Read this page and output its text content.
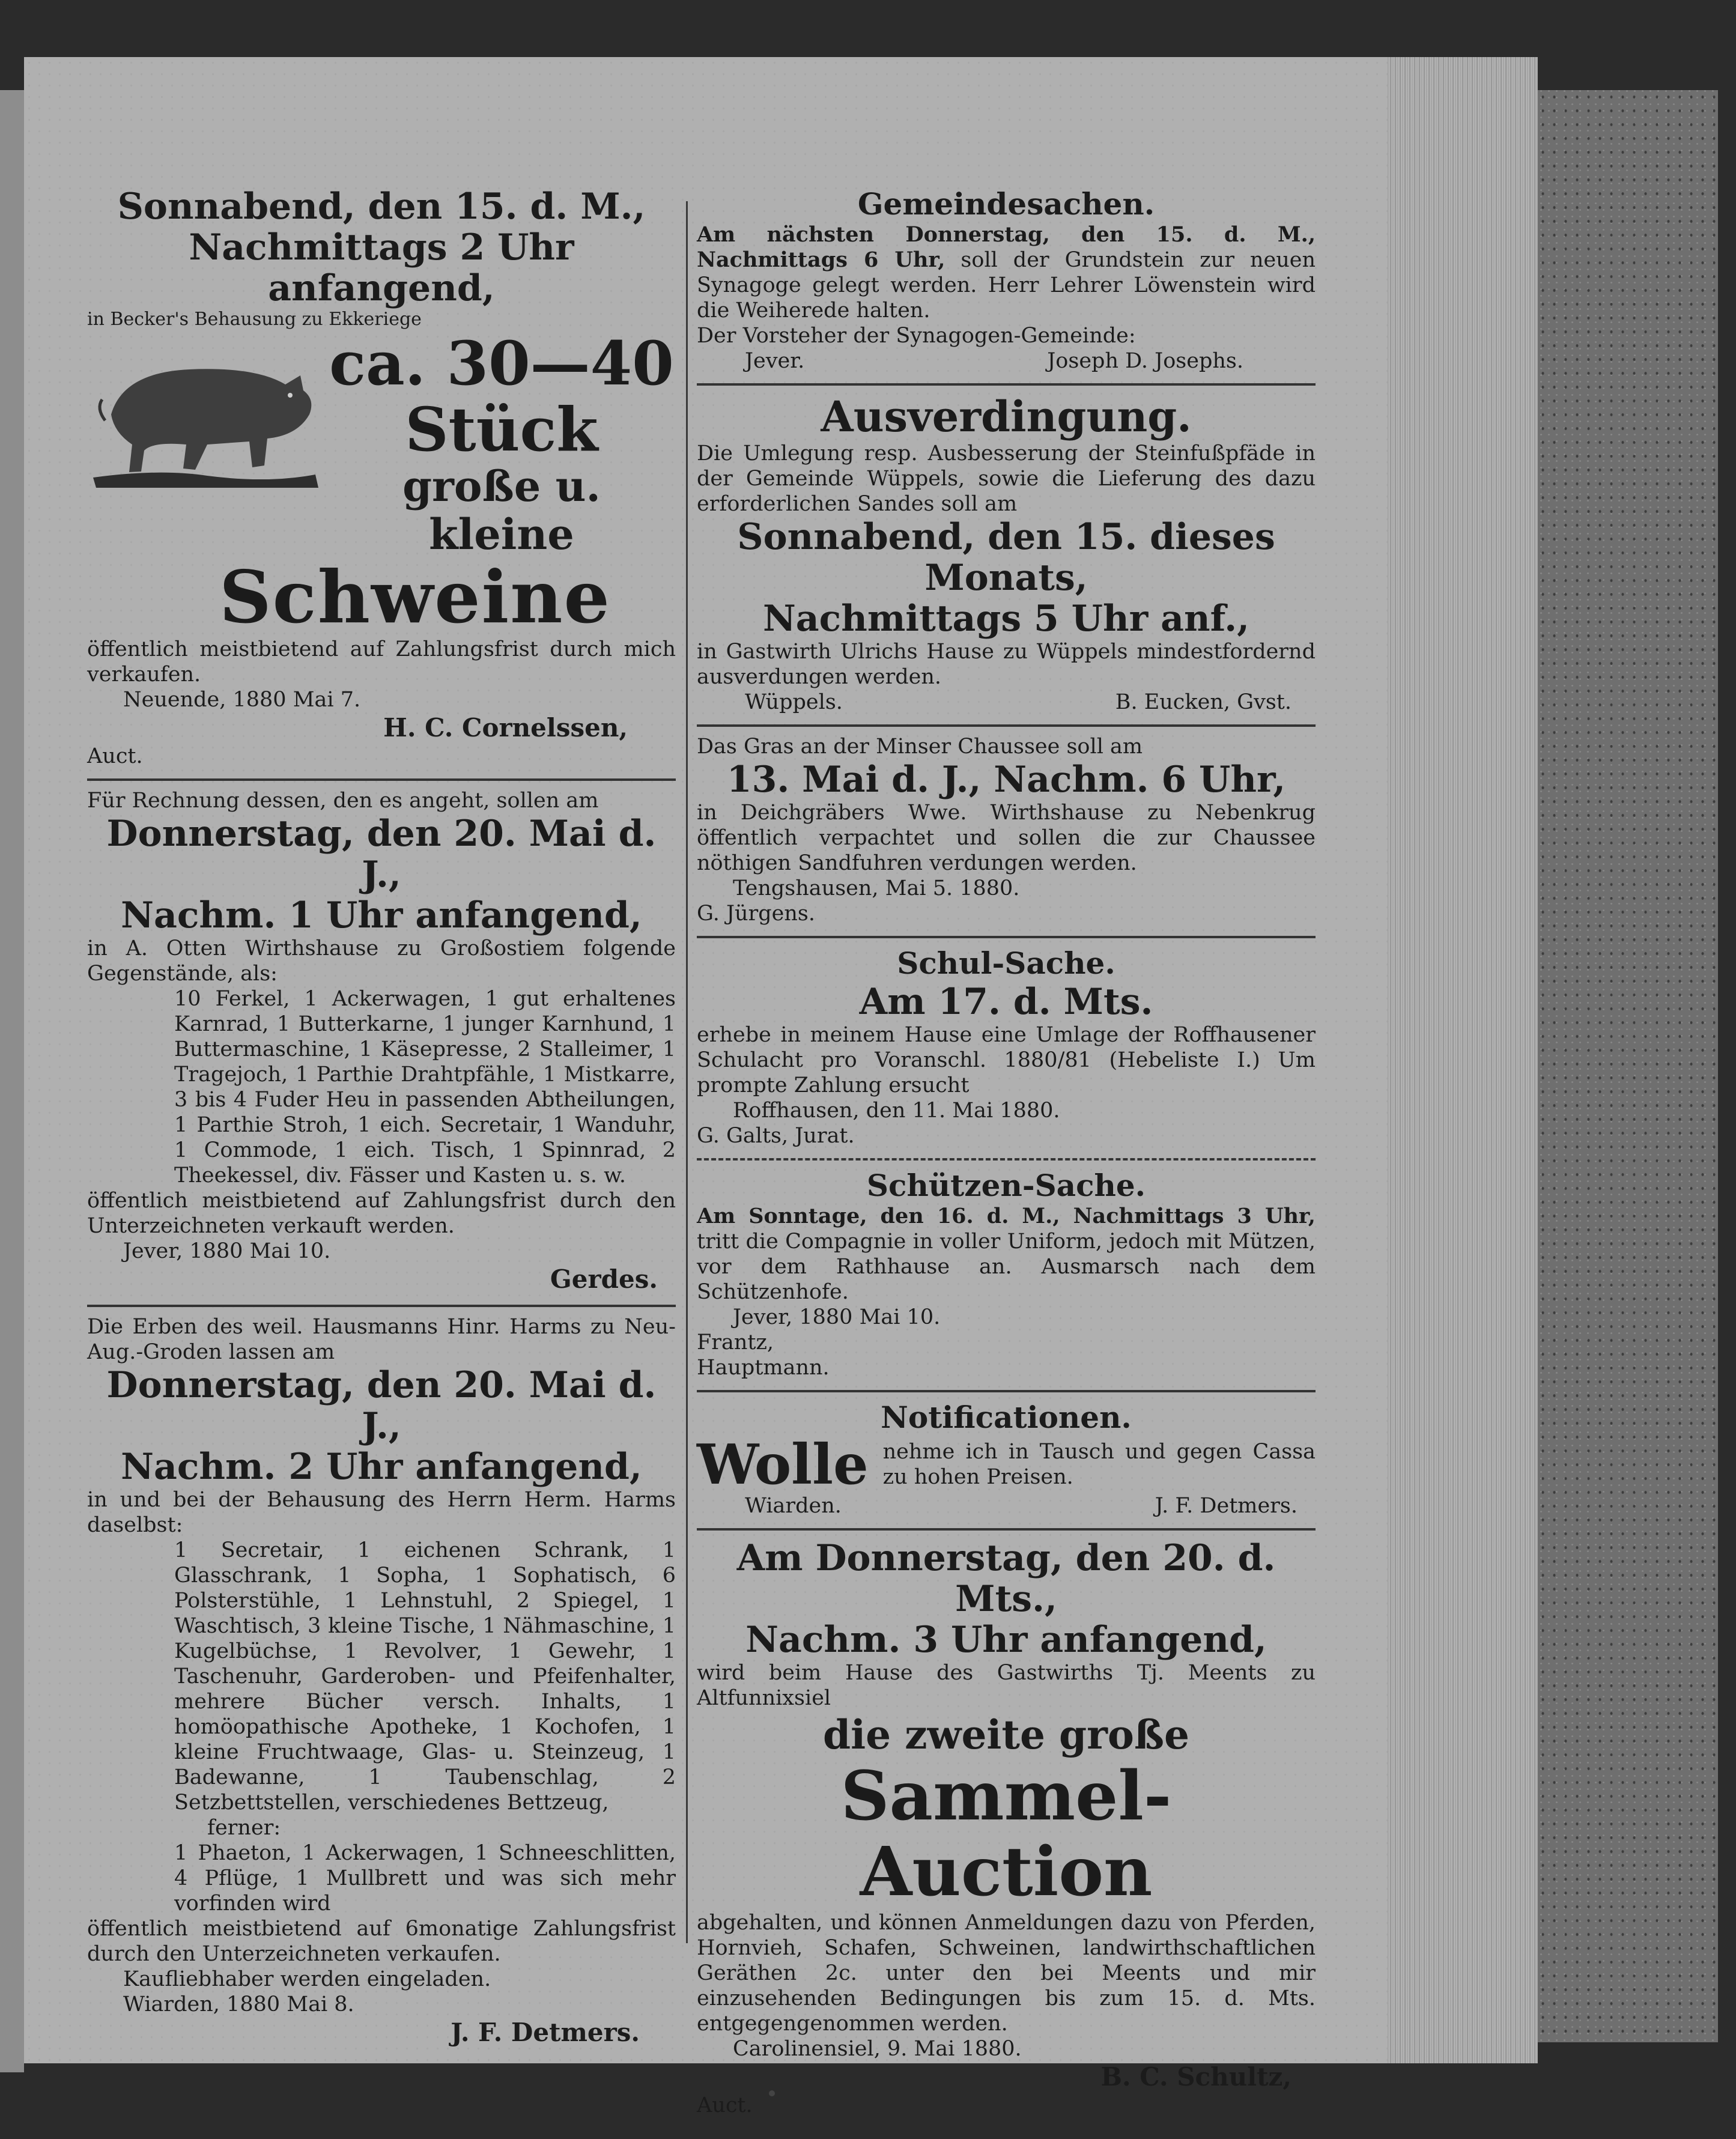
Sonnabend, den 15. d. M.,
Nachmittags 2 Uhr anfangend,
in Becker's Behausung zu Ekkeriege
ca. 30—40
Stück
große u. kleine
Schweine
öffentlich meistbietend auf Zahlungsfrist durch mich verkaufen.
Neuende, 1880 Mai 7.
H. C. Cornelssen,
Auct.
Für Rechnung dessen, den es angeht, sollen am
Donnerstag, den 20. Mai d. J.,
Nachm. 1 Uhr anfangend,
in A. Otten Wirthshause zu Großostiem folgende Gegenstände, als:
10 Ferkel, 1 Ackerwagen, 1 gut erhaltenes Karnrad, 1 Butterkarne, 1 junger Karnhund, 1 Buttermaschine, 1 Käsepresse, 2 Stalleimer, 1 Tragejoch, 1 Parthie Drahtpfähle, 1 Mistkarre, 3 bis 4 Fuder Heu in passenden Abtheilungen, 1 Parthie Stroh, 1 eich. Secretair, 1 Wanduhr, 1 Commode, 1 eich. Tisch, 1 Spinnrad, 2 Theekessel, div. Fässer und Kasten u. s. w.
öffentlich meistbietend auf Zahlungsfrist durch den Unterzeichneten verkauft werden.
Jever, 1880 Mai 10.
Gerdes.
Die Erben des weil. Hausmanns Hinr. Harms zu Neu-Aug.-Groden lassen am
Donnerstag, den 20. Mai d. J.,
Nachm. 2 Uhr anfangend,
in und bei der Behausung des Herrn Herm. Harms daselbst:
1 Secretair, 1 eichenen Schrank, 1 Glasschrank, 1 Sopha, 1 Sophatisch, 6 Polsterstühle, 1 Lehnstuhl, 2 Spiegel, 1 Waschtisch, 3 kleine Tische, 1 Nähmaschine, 1 Kugelbüchse, 1 Revolver, 1 Gewehr, 1 Taschenuhr, Garderoben- und Pfeifenhalter, mehrere Bücher versch. Inhalts, 1 homöopathische Apotheke, 1 Kochofen, 1 kleine Fruchtwaage, Glas- u. Steinzeug, 1 Badewanne, 1 Taubenschlag, 2 Setzbettstellen, verschiedenes Bettzeug,
ferner:
1 Phaeton, 1 Ackerwagen, 1 Schneeschlitten, 4 Pflüge, 1 Mullbrett und was sich mehr vorfinden wird
öffentlich meistbietend auf 6monatige Zahlungsfrist durch den Unterzeichneten verkaufen.
Kaufliebhaber werden eingeladen.
Wiarden, 1880 Mai 8.
J. F. Detmers.
Gemeindesachen.
Am nächsten Donnerstag, den 15. d. M., Nachmittags 6 Uhr, soll der Grundstein zur neuen Synagoge gelegt werden. Herr Lehrer Löwenstein wird die Weiherede halten.
Der Vorsteher der Synagogen-Gemeinde:
Jever.	Joseph D. Josephs.
Ausverdingung.
Die Umlegung resp. Ausbesserung der Steinfußpfäde in der Gemeinde Wüppels, sowie die Lieferung des dazu erforderlichen Sandes soll am
Sonnabend, den 15. dieses Monats,
Nachmittags 5 Uhr anf.,
in Gastwirth Ulrichs Hause zu Wüppels mindestfordernd ausverdungen werden.
Wüppels.	B. Eucken, Gvst.
Das Gras an der Minser Chaussee soll am
13. Mai d. J., Nachm. 6 Uhr,
in Deichgräbers Wwe. Wirthshause zu Nebenkrug öffentlich verpachtet und sollen die zur Chaussee nöthigen Sandfuhren verdungen werden.
Tengshausen, Mai 5. 1880.
G. Jürgens.
Schul-Sache.
Am 17. d. Mts.
erhebe in meinem Hause eine Umlage der Roffhausener Schulacht pro Voranschl. 1880/81 (Hebeliste I.) Um prompte Zahlung ersucht
Roffhausen, den 11. Mai 1880.
G. Galts, Jurat.
Schützen-Sache.
Am Sonntage, den 16. d. M., Nachmittags 3 Uhr, tritt die Compagnie in voller Uniform, jedoch mit Mützen, vor dem Rathhause an. Ausmarsch nach dem Schützenhofe.
Jever, 1880 Mai 10.
Frantz,
Hauptmann.
Notificationen.
Wolle nehme ich in Tausch und gegen Cassa zu hohen Preisen.
Wiarden.	J. F. Detmers.
Am Donnerstag, den 20. d. Mts.,
Nachm. 3 Uhr anfangend,
wird beim Hause des Gastwirths Tj. Meents zu Altfunnixsiel
die zweite große
Sammel-Auction
abgehalten, und können Anmeldungen dazu von Pferden, Hornvieh, Schafen, Schweinen, landwirthschaftlichen Geräthen 2c. unter den bei Meents und mir einzusehenden Bedingungen bis zum 15. d. Mts. entgegengenommen werden.
Carolinensiel, 9. Mai 1880.
B. C. Schultz,
Auct.
